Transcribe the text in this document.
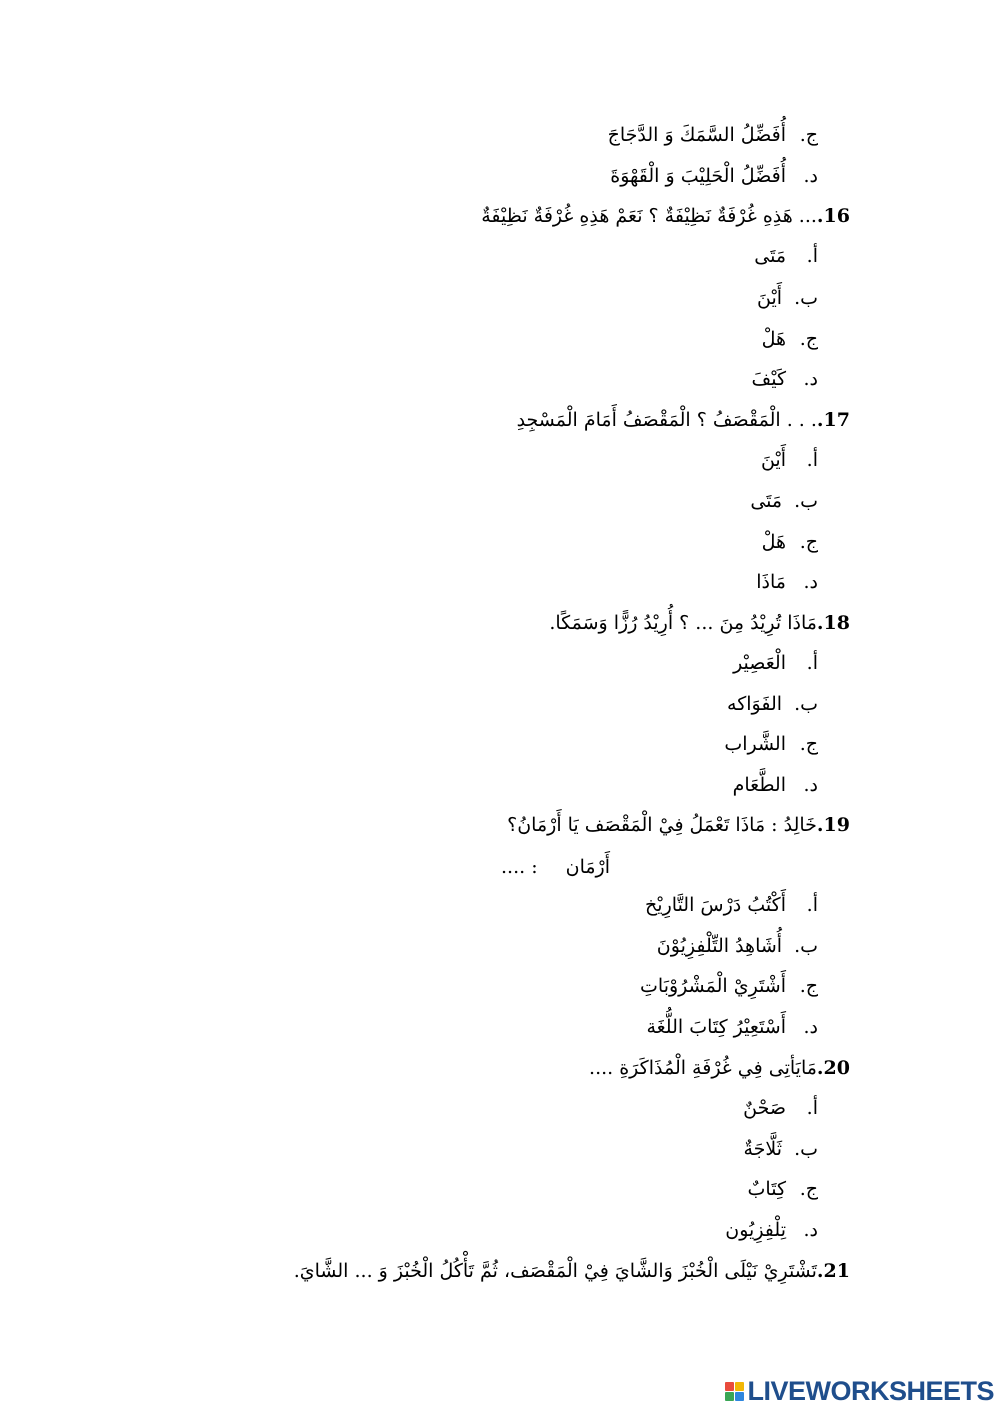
ج.أُفَضِّلُ السَّمَكَ وَ الدَّجَاجَ
د.أُفَضِّلُ الْحَلِيْبَ وَ الْقَهْوَةَ
16.... هَذِهِ غُرْفَةٌ نَظِيْفَةٌ ؟ نَعَمْ هَذِهِ غُرْفَةٌ نَظِيْفَةٌ
أ.مَتَى
ب.أَيْنَ
ج.هَلْ
د.كَيْفَ
17.. . . الْمَقْصَفُ ؟ الْمَقْصَفُ أَمَامَ الْمَسْجِدِ
أ.أَيْنَ
ب.مَتَى
ج.هَلْ
د.مَاذَا
18.مَاذَا تُرِيْدُ مِنَ ... ؟ أُرِيْدُ رُزًّا وَسَمَكًا.
أ.الْعَصِيْر
ب.الفَوَاكه
ج.الشَّراب
د.الطَّعَام
19.خَالِدُ : مَاذَا تَعْمَلُ فِيْ الْمَقْصَف يَا أَرْمَانُ؟
أَرْمَان: ....
أ.أَكْتُبُ دَرْسَ التَّارِيْخ
ب.أُشَاهِدُ التِّلْفِزِيُوْنَ
ج.أَشْتَرِيْ الْمَشْرُوْبَاتِ
د.أَسْتَعِيْرُ كِتَابَ اللُّغَة
20.مَايَأتِى فِي غُرْفَةِ الْمُذَاكَرَةِ ....
أ.صَحْنٌ
ب.ثَلَّاجَةٌ
ج.كِتَابٌ
د.تِلْفِزِيُون
21.تَشْتَرِيْ نَيْلَى الْخُبْزَ وَالشَّايَ فِيْ الْمَقْصَف، ثُمَّ تَأْكُلُ الْخُبْزَ وَ ... الشَّايَ.
LIVEWORKSHEETS
